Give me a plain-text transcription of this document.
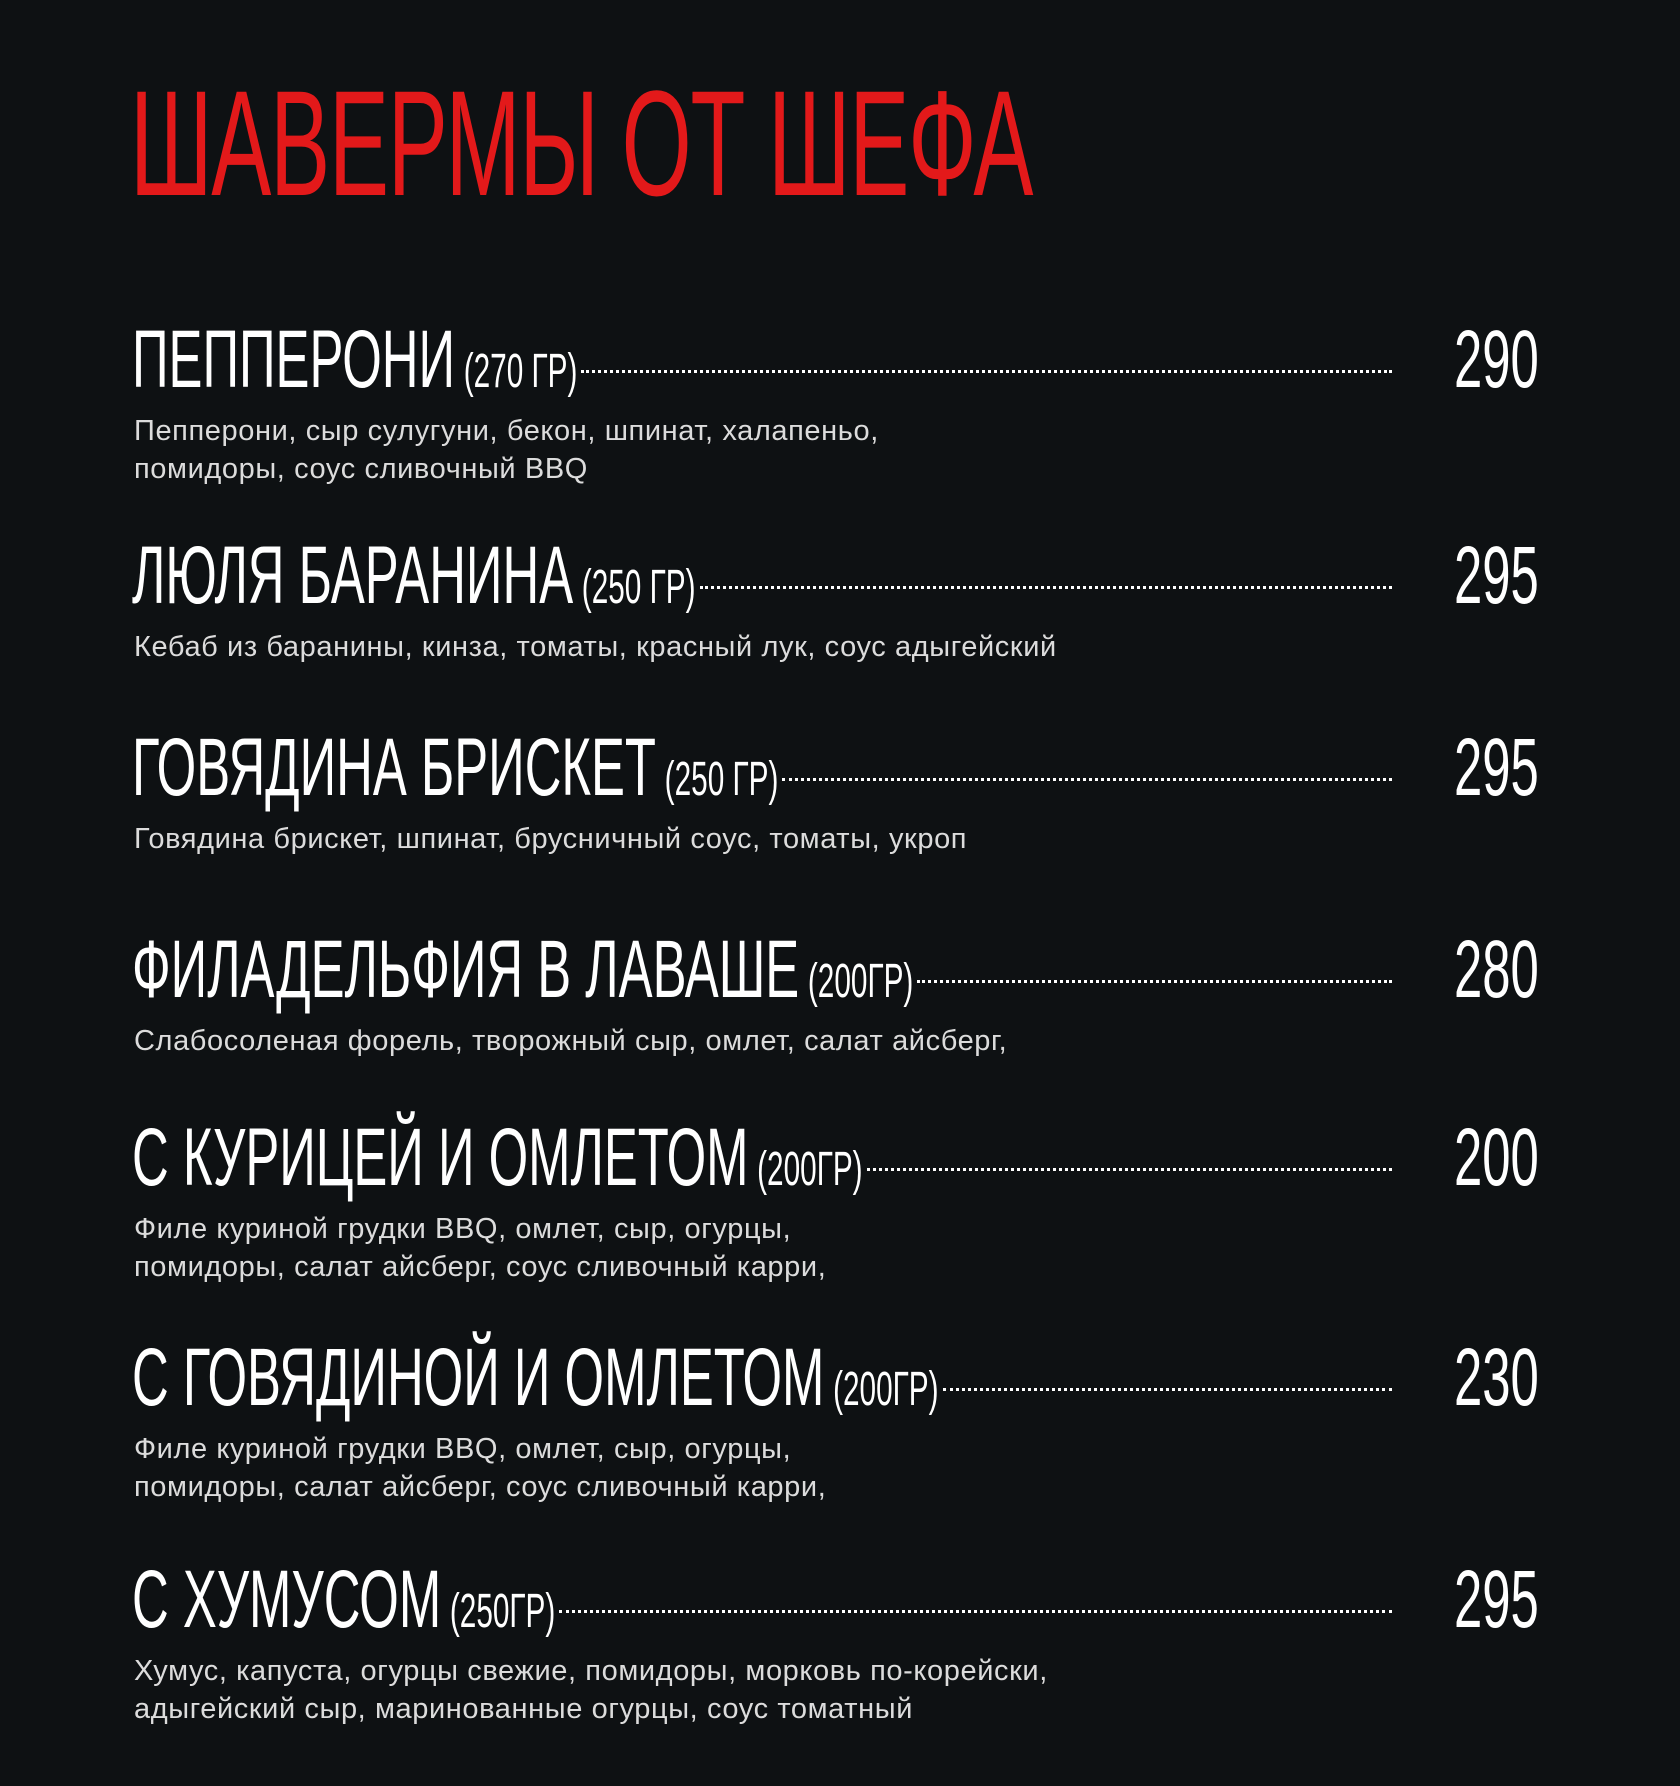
ШАВЕРМЫ ОТ ШЕФА
ПЕППЕРОНИ (270 ГР)	290
Пепперони, сыр сулугуни, бекон, шпинат, халапеньо,
помидоры, соус сливочный BBQ
ЛЮЛЯ БАРАНИНА (250 ГР)	295
Кебаб из баранины, кинза, томаты, красный лук, соус адыгейский
ГОВЯДИНА БРИСКЕТ (250 ГР)	295
Говядина брискет, шпинат, брусничный соус, томаты, укроп
ФИЛАДЕЛЬФИЯ В ЛАВАШЕ (200ГР)	280
Слабосоленая форель, творожный сыр, омлет, салат айсберг,
С КУРИЦЕЙ И ОМЛЕТОМ (200ГР)	200
Филе куриной грудки BBQ, омлет, сыр, огурцы,
помидоры, салат айсберг, соус сливочный карри,
С ГОВЯДИНОЙ И ОМЛЕТОМ (200ГР)	230
Филе куриной грудки BBQ, омлет, сыр, огурцы,
помидоры, салат айсберг, соус сливочный карри,
С ХУМУСОМ (250ГР)	295
Хумус, капуста, огурцы свежие, помидоры, морковь по-корейски,
адыгейский сыр, маринованные огурцы, соус томатный
